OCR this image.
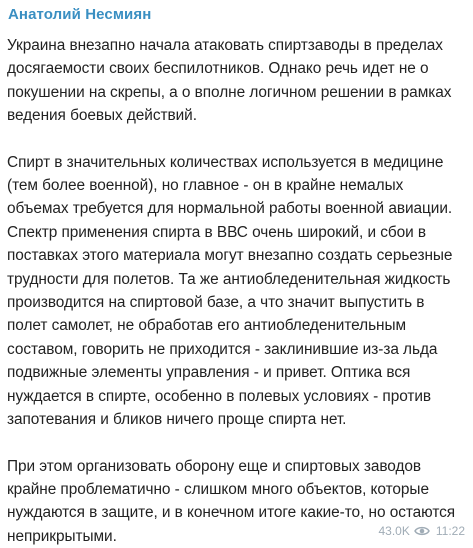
Анатолий Несмиян
Украина внезапно начала атаковать спиртзаводы в пределах
досягаемости своих беспилотников. Однако речь идет не о
покушении на скрепы, а о вполне логичном решении в рамках
ведения боевых действий.
Спирт в значительных количествах используется в медицине
(тем более военной), но главное - он в крайне немалых
объемах требуется для нормальной работы военной авиации.
Спектр применения спирта в ВВС очень широкий, и сбои в
поставках этого материала могут внезапно создать серьезные
трудности для полетов. Та же антиобледенительная жидкость
производится на спиртовой базе, а что значит выпустить в
полет самолет, не обработав его антиобледенительным
составом, говорить не приходится - заклинившие из-за льда
подвижные элементы управления - и привет. Оптика вся
нуждается в спирте, особенно в полевых условиях - против
запотевания и бликов ничего проще спирта нет.
При этом организовать оборону еще и спиртовых заводов
крайне проблематично - слишком много объектов, которые
нуждаются в защите, и в конечном итоге какие-то, но остаются
неприкрытыми.	43.0K 11:22
